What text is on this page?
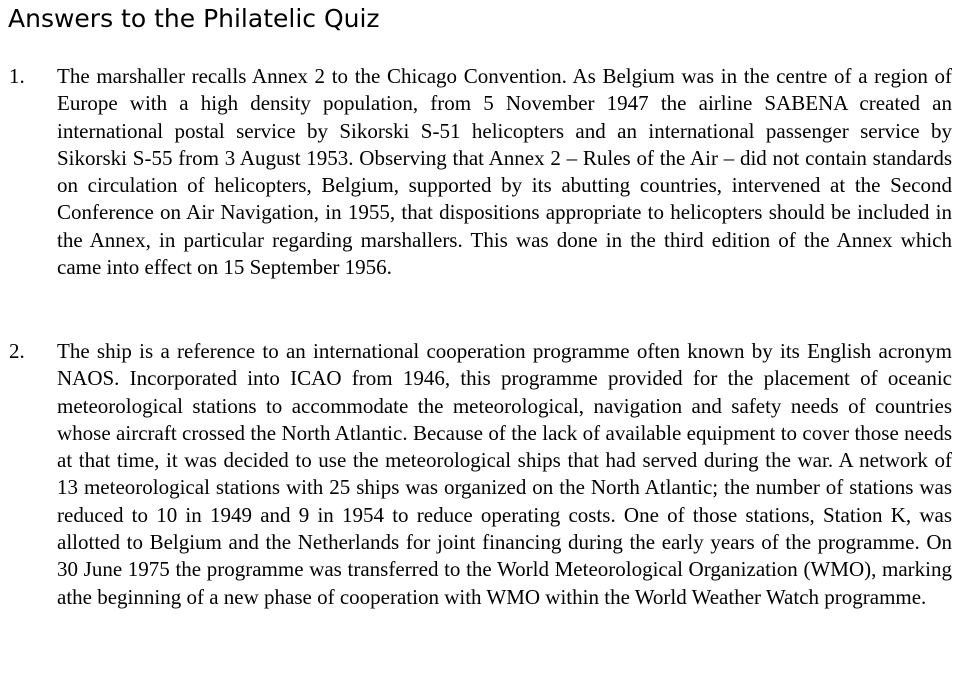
Answers to the Philatelic Quiz
1. The marshaller recalls Annex 2 to the Chicago Convention. As Belgium was in the centre of a region of Europe with a high density population, from 5 November 1947 the airline SABENA created an international postal service by Sikorski S-51 helicopters and an international passenger service by Sikorski S-55 from 3 August 1953. Observing that Annex 2 – Rules of the Air – did not contain standards on circulation of helicopters, Belgium, supported by its abutting countries, intervened at the Second Conference on Air Navigation, in 1955, that dispositions appropriate to helicopters should be included in the Annex, in particular regarding marshallers. This was done in the third edition of the Annex which came into effect on 15 September 1956.
2. The ship is a reference to an international cooperation programme often known by its English acronym NAOS. Incorporated into ICAO from 1946, this programme provided for the placement of oceanic meteorological stations to accommodate the meteorological, navigation and safety needs of countries whose aircraft crossed the North Atlantic. Because of the lack of available equipment to cover those needs at that time, it was decided to use the meteorological ships that had served during the war. A network of 13 meteorological stations with 25 ships was organized on the North Atlantic; the number of stations was reduced to 10 in 1949 and 9 in 1954 to reduce operating costs. One of those stations, Station K, was allotted to Belgium and the Netherlands for joint financing during the early years of the programme. On 30 June 1975 the programme was transferred to the World Meteorological Organization (WMO), marking athe beginning of a new phase of cooperation with WMO within the World Weather Watch programme.
